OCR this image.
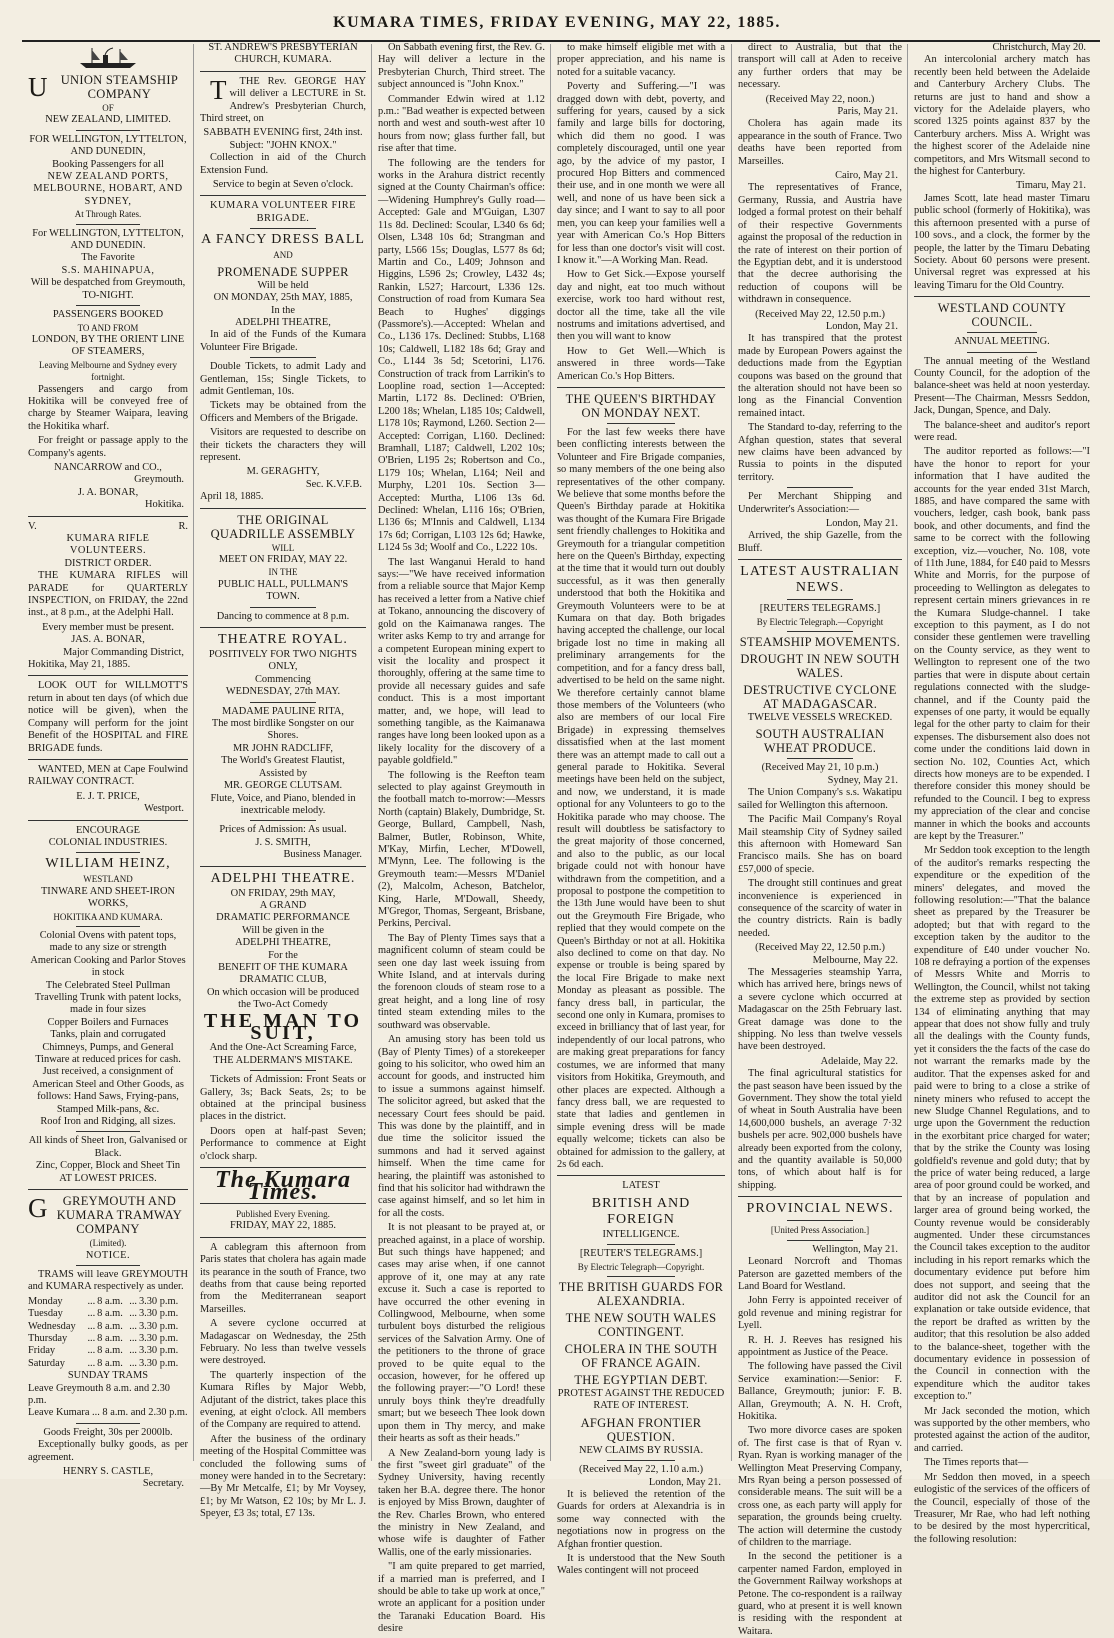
KUMARA TIMES, FRIDAY EVENING, MAY 22, 1885.
U UNION STEAMSHIP COMPANY
OF
NEW ZEALAND, LIMITED.
FOR WELLINGTON, LYTTELTON, AND DUNEDIN,
Booking Passengers for all
NEW ZEALAND PORTS, MELBOURNE, HOBART, AND SYDNEY,
At Through Rates.
For WELLINGTON, LYTTELTON, AND DUNEDIN.
The Favorite
S.S. MAHINAPUA,
Will be despatched from Greymouth,
TO-NIGHT.
PASSENGERS BOOKED
TO AND FROM
LONDON, BY THE ORIENT LINE OF STEAMERS,
Leaving Melbourne and Sydney every fortnight.

Passengers and cargo from Hokitika will be conveyed free of charge by Steamer Waipara, leaving the Hokitika wharf.

For freight or passage apply to the Company's agents.

NANCARROW and CO.,
Greymouth.
J. A. BONAR,
Hokitika.
V.	R.
KUMARA RIFLE VOLUNTEERS.
DISTRICT ORDER.

THE KUMARA RIFLES will PARADE for QUARTERLY INSPECTION, on FRIDAY, the 22nd inst., at 8 p.m., at the Adelphi Hall.

Every member must be present.
JAS. A. BONAR,
Major Commanding District,
Hokitika, May 21, 1885.

LOOK OUT for WILLMOTT'S return in about ten days (of which due notice will be given), when the Company will perform for the joint Benefit of the HOSPITAL and FIRE BRIGADE funds.

WANTED, MEN at Cape Foulwind RAILWAY CONTRACT.

E. J. T. PRICE,
Westport.
ENCOURAGE
COLONIAL INDUSTRIES.
WILLIAM HEINZ,
WESTLAND
TINWARE AND SHEET-IRON WORKS,
HOKITIKA AND KUMARA.
Colonial Ovens with patent tops, made to any size or strength
American Cooking and Parlor Stoves in stock
The Celebrated Steel Pullman Travelling Trunk with patent locks, made in four sizes
Copper Boilers and Furnaces
Tanks, plain and corrugated
Chimneys, Pumps, and General Tinware at reduced prices for cash.
Just received, a consignment of American Steel and Other Goods, as follows: Hand Saws, Frying-pans, Stamped Milk-pans, &c.
Roof Iron and Ridging, all sizes.
All kinds of Sheet Iron, Galvanised or Black.
Zinc, Copper, Block and Sheet Tin
AT LOWEST PRICES.
G GREYMOUTH AND KUMARA TRAMWAY COMPANY
(Limited).
NOTICE.

TRAMS will leave GREYMOUTH and KUMARA respectively as under.

Monday	...	8 a.m.	...	3.30 p.m.
Tuesday	...	8 a.m.	...	3.30 p.m.
Wednesday	...	8 a.m.	...	3.30 p.m.
Thursday	...	8 a.m.	...	3.30 p.m.
Friday	...	8 a.m.	...	3.30 p.m.
Saturday	...	8 a.m.	...	3.30 p.m.
SUNDAY TRAMS
Leave Greymouth 8 a.m. and 2.30 p.m.
Leave Kumara ... 8 a.m. and 2.30 p.m.
Goods Freight, 30s per 2000lb.

Exceptionally bulky goods, as per agreement.

HENRY S. CASTLE,
Secretary.
ST. ANDREW'S PRESBYTERIAN CHURCH, KUMARA.

T THE Rev. GEORGE HAY will deliver a LECTURE in St. Andrew's Presbyterian Church, Third street, on

SABBATH EVENING first, 24th inst. Subject: "JOHN KNOX."

Collection in aid of the Church Extension Fund.

Service to begin at Seven o'clock.
KUMARA VOLUNTEER FIRE BRIGADE.
A FANCY DRESS BALL
AND
PROMENADE SUPPER
Will be held
ON MONDAY, 25th MAY, 1885,
In the
ADELPHI THEATRE,

In aid of the Funds of the Kumara Volunteer Fire Brigade.

Double Tickets, to admit Lady and Gentleman, 15s; Single Tickets, to admit Gentleman, 10s.

Tickets may be obtained from the Officers and Members of the Brigade.

Visitors are requested to describe on their tickets the characters they will represent.

M. GERAGHTY,
Sec. K.V.F.B.
April 18, 1885.
THE ORIGINAL QUADRILLE ASSEMBLY
WILL
MEET ON FRIDAY, MAY 22.
IN THE
PUBLIC HALL, PULLMAN'S TOWN.
Dancing to commence at 8 p.m.
THEATRE ROYAL.
POSITIVELY FOR TWO NIGHTS ONLY,
Commencing
WEDNESDAY, 27th MAY.
MADAME PAULINE RITA,
The most birdlike Songster on our Shores.
MR JOHN RADCLIFF,
The World's Greatest Flautist,
Assisted by
MR. GEORGE CLUTSAM.
Flute, Voice, and Piano, blended in inextricable melody.
Prices of Admission: As usual.
J. S. SMITH,
Business Manager.
ADELPHI THEATRE.
ON FRIDAY, 29th MAY,
A GRAND
DRAMATIC PERFORMANCE
Will be given in the
ADELPHI THEATRE,
For the
BENEFIT OF THE KUMARA DRAMATIC CLUB,
On which occasion will be produced the Two-Act Comedy
THE MAN TO SUIT,
And the One-Act Screaming Farce,
THE ALDERMAN'S MISTAKE.

Tickets of Admission: Front Seats or Gallery, 3s; Back Seats, 2s; to be obtained at the principal business places in the district.

Doors open at half-past Seven; Performance to commence at Eight o'clock sharp.

The Kumara Times.
Published Every Evening.
FRIDAY, MAY 22, 1885.

A cablegram this afternoon from Paris states that cholera has again made its pearance in the south of France, two deaths from that cause being reported from the Mediterranean seaport Marseilles.

A severe cyclone occurred at Madagascar on Wednesday, the 25th February. No less than twelve vessels were destroyed.

The quarterly inspection of the Kumara Rifles by Major Webb, Adjutant of the district, takes place this evening, at eight o'clock. All members of the Company are required to attend.

After the business of the ordinary meeting of the Hospital Committee was concluded the following sums of money were handed in to the Secretary:—By Mr Metcalfe, £1; by Mr Voysey, £1; by Mr Watson, £2 10s; by Mr L. J. Speyer, £3 3s; total, £7 13s.

On Sabbath evening first, the Rev. G. Hay will deliver a lecture in the Presbyterian Church, Third street. The subject announced is "John Knox."

Commander Edwin wired at 1.12 p.m.: "Bad weather is expected between north and west and south-west after 10 hours from now; glass further fall, but rise after that time.

The following are the tenders for works in the Arahura district recently signed at the County Chairman's office:—Widening Humphrey's Gully road—Accepted: Gale and M'Guigan, L307 11s 8d. Declined: Scoular, L340 6s 6d; Olsen, L348 10s 6d; Strangman and party, L566 15s; Douglas, L577 8s 6d; Martin and Co., L409; Johnson and Higgins, L596 2s; Crowley, L432 4s; Rankin, L527; Harcourt, L336 12s. Construction of road from Kumara Sea Beach to Hughes' diggings (Passmore's).—Accepted: Whelan and Co., L136 17s. Declined: Stubbs, L168 10s; Caldwell, L182 18s 6d; Gray and Co., L144 3s 5d; Scetorini, L176. Construction of track from Larrikin's to Loopline road, section 1—Accepted: Martin, L172 8s. Declined: O'Brien, L200 18s; Whelan, L185 10s; Caldwell, L178 10s; Raymond, L260. Section 2—Accepted: Corrigan, L160. Declined: Bramhall, L187; Caldwell, L202 10s; O'Brien, L195 2s; Robertson and Co., L179 10s; Whelan, L164; Neil and Murphy, L201 10s. Section 3—Accepted: Murtha, L106 13s 6d. Declined: Whelan, L116 16s; O'Brien, L136 6s; M'Innis and Caldwell, L134 17s 6d; Corrigan, L103 12s 6d; Hawke, L124 5s 3d; Woolf and Co., L222 10s.

The last Wanganui Herald to hand says:—"We have received information from a reliable source that Major Kemp has received a letter from a Native chief at Tokano, announcing the discovery of gold on the Kaimanawa ranges. The writer asks Kemp to try and arrange for a competent European mining expert to visit the locality and prospect it thoroughly, offering at the same time to provide all necessary guides and safe conduct. This is a most important matter, and, we hope, will lead to something tangible, as the Kaimanawa ranges have long been looked upon as a likely locality for the discovery of a payable goldfield."

The following is the Reefton team selected to play against Greymouth in the football match to-morrow:—Messrs North (captain) Blakely, Dumbridge, St. George, Bullard, Campbell, Nash, Balmer, Butler, Robinson, White, M'Kay, Mirfin, Lecher, M'Dowell, M'Mynn, Lee. The following is the Greymouth team:—Messrs M'Daniel (2), Malcolm, Acheson, Batchelor, King, Harle, M'Dowall, Sheedy, M'Gregor, Thomas, Sergeant, Brisbane, Perkins, Percival.

The Bay of Plenty Times says that a magnificent column of steam could be seen one day last week issuing from White Island, and at intervals during the forenoon clouds of steam rose to a great height, and a long line of rosy tinted steam extending miles to the southward was observable.

An amusing story has been told us (Bay of Plenty Times) of a storekeeper going to his solicitor, who owed him an account for goods, and instructed him to issue a summons against himself. The solicitor agreed, but asked that the necessary Court fees should be paid. This was done by the plaintiff, and in due time the solicitor issued the summons and had it served against himself. When the time came for hearing, the plaintiff was astonished to find that his solicitor had withdrawn the case against himself, and so let him in for all the costs.

It is not pleasant to be prayed at, or preached against, in a place of worship. But such things have happened; and cases may arise when, if one cannot approve of it, one may at any rate excuse it. Such a case is reported to have occurred the other evening in Collingwood, Melbourne, when some turbulent boys disturbed the religious services of the Salvation Army. One of the petitioners to the throne of grace proved to be quite equal to the occasion, however, for he offered up the following prayer:—"O Lord! these unruly boys think they're dreadfully smart; but we beseech Thee look down upon them in Thy mercy, and make their hearts as soft as their heads."

A New Zealand-born young lady is the first "sweet girl graduate" of the Sydney University, having recently taken her B.A. degree there. The honor is enjoyed by Miss Brown, daughter of the Rev. Charles Brown, who entered the ministry in New Zealand, and whose wife is daughter of Father Wallis, one of the early missionaries.

"I am quite prepared to get married, if a married man is preferred, and I should be able to take up work at once," wrote an applicant for a position under the Taranaki Education Board. His desire

to make himself eligible met with a proper appreciation, and his name is noted for a suitable vacancy.

Poverty and Suffering.—"I was dragged down with debt, poverty, and suffering for years, caused by a sick family and large bills for doctoring, which did them no good. I was completely discouraged, until one year ago, by the advice of my pastor, I procured Hop Bitters and commenced their use, and in one month we were all well, and none of us have been sick a day since; and I want to say to all poor men, you can keep your families well a year with American Co.'s Hop Bitters for less than one doctor's visit will cost. I know it."—A Working Man. Read.

How to Get Sick.—Expose yourself day and night, eat too much without exercise, work too hard without rest, doctor all the time, take all the vile nostrums and imitations advertised, and then you will want to know

How to Get Well.—Which is answered in three words—Take American Co.'s Hop Bitters.

THE QUEEN'S BIRTHDAY ON MONDAY NEXT.

For the last few weeks there have been conflicting interests between the Volunteer and Fire Brigade companies, so many members of the one being also representatives of the other company. We believe that some months before the Queen's Birthday parade at Hokitika was thought of the Kumara Fire Brigade sent friendly challenges to Hokitika and Greymouth for a triangular competition here on the Queen's Birthday, expecting at the time that it would turn out doubly successful, as it was then generally understood that both the Hokitika and Greymouth Volunteers were to be at Kumara on that day. Both brigades having accepted the challenge, our local brigade lost no time in making all preliminary arrangements for the competition, and for a fancy dress ball, advertised to be held on the same night. We therefore certainly cannot blame those members of the Volunteers (who also are members of our local Fire Brigade) in expressing themselves dissatisfied when at the last moment there was an attempt made to call out a general parade to Hokitika. Several meetings have been held on the subject, and now, we understand, it is made optional for any Volunteers to go to the Hokitika parade who may choose. The result will doubtless be satisfactory to the great majority of those concerned, and also to the public, as our local brigade could not with honour have withdrawn from the competition, and a proposal to postpone the competition to the 13th June would have been to shut out the Greymouth Fire Brigade, who replied that they would compete on the Queen's Birthday or not at all. Hokitika also declined to come on that day. No expense or trouble is being spared by the local Fire Brigade to make next Monday as pleasant as possible. The fancy dress ball, in particular, the second one only in Kumara, promises to exceed in brilliancy that of last year, for independently of our local patrons, who are making great preparations for fancy costumes, we are informed that many visitors from Hokitika, Greymouth, and other places are expected. Although a fancy dress ball, we are requested to state that ladies and gentlemen in simple evening dress will be made equally welcome; tickets can also be obtained for admission to the gallery, at 2s 6d each.

LATEST
BRITISH AND FOREIGN
INTELLIGENCE.
[REUTER'S TELEGRAMS.]
By Electric Telegraph—Copyright.
THE BRITISH GUARDS FOR ALEXANDRIA.
THE NEW SOUTH WALES CONTINGENT.
CHOLERA IN THE SOUTH OF FRANCE AGAIN.
THE EGYPTIAN DEBT.
PROTEST AGAINST THE REDUCED RATE OF INTEREST.
AFGHAN FRONTIER QUESTION.
NEW CLAIMS BY RUSSIA.
(Received May 22, 1.10 a.m.)
London, May 21.

It is believed the retention of the Guards for orders at Alexandria is in some way connected with the negotiations now in progress on the Afghan frontier question.

It is understood that the New South Wales contingent will not proceed

direct to Australia, but that the transport will call at Aden to receive any further orders that may be necessary.

(Received May 22, noon.)
Paris, May 21.

Cholera has again made its appearance in the south of France. Two deaths have been reported from Marseilles.

Cairo, May 21.

The representatives of France, Germany, Russia, and Austria have lodged a formal protest on their behalf of their respective Governments against the proposal of the reduction in the rate of interest on their portion of the Egyptian debt, and it is understood that the decree authorising the reduction of coupons will be withdrawn in consequence.

(Received May 22, 12.50 p.m.)
London, May 21.

It has transpired that the protest made by European Powers against the deductions made from the Egyptian coupons was based on the ground that the alteration should not have been so long as the Financial Convention remained intact.

The Standard to-day, referring to the Afghan question, states that several new claims have been advanced by Russia to points in the disputed territory.

Per Merchant Shipping and Underwriter's Association:—

London, May 21.

Arrived, the ship Gazelle, from the Bluff.

LATEST AUSTRALIAN NEWS.
[REUTERS TELEGRAMS.]
By Electric Telegraph.—Copyright
STEAMSHIP MOVEMENTS.
DROUGHT IN NEW SOUTH WALES.
DESTRUCTIVE CYCLONE AT MADAGASCAR.
TWELVE VESSELS WRECKED.
SOUTH AUSTRALIAN WHEAT PRODUCE.
(Received May 21, 10 p.m.)
Sydney, May 21.

The Union Company's s.s. Wakatipu sailed for Wellington this afternoon.

The Pacific Mail Company's Royal Mail steamship City of Sydney sailed this afternoon with Homeward San Francisco mails. She has on board £57,000 of specie.

The drought still continues and great inconvenience is experienced in consequence of the scarcity of water in the country districts. Rain is badly needed.

(Received May 22, 12.50 p.m.)
Melbourne, May 22.

The Messageries steamship Yarra, which has arrived here, brings news of a severe cyclone which occurred at Madagascar on the 25th February last. Great damage was done to the shipping. No less than twelve vessels have been destroyed.

Adelaide, May 22.

The final agricultural statistics for the past season have been issued by the Government. They show the total yield of wheat in South Australia have been 14,600,000 bushels, an average 7·32 bushels per acre. 902,000 bushels have already been exported from the colony, and the quantity available is 50,000 tons, of which about half is for shipping.

PROVINCIAL NEWS.
[United Press Association.]
Wellington, May 21.

Leonard Norcroft and Thomas Paterson are gazetted members of the Land Board for Westland.

John Ferry is appointed receiver of gold revenue and mining registrar for Lyell.

R. H. J. Reeves has resigned his appointment as Justice of the Peace.

The following have passed the Civil Service examination:—Senior: F. Ballance, Greymouth; junior: F. B. Allan, Greymouth; A. N. H. Croft, Hokitika.

Two more divorce cases are spoken of. The first case is that of Ryan v. Ryan. Ryan is working manager of the Wellington Meat Preserving Company, Mrs Ryan being a person possessed of considerable means. The suit will be a cross one, as each party will apply for separation, the grounds being cruelty. The action will determine the custody of children to the marriage.

In the second the petitioner is a carpenter named Fardon, employed in the Government Railway workshops at Petone. The co-respondent is a railway guard, who at present it is well known is residing with the respondent at Waitara.

Christchurch, May 20.

An intercolonial archery match has recently been held between the Adelaide and Canterbury Archery Clubs. The returns are just to hand and show a victory for the Adelaide players, who scored 1325 points against 837 by the Canterbury archers. Miss A. Wright was the highest scorer of the Adelaide nine competitors, and Mrs Witsmall second to the highest for Canterbury.

Timaru, May 21.

James Scott, late head master Timaru public school (formerly of Hokitika), was this afternoon presented with a purse of 100 sovs., and a clock, the former by the people, the latter by the Timaru Debating Society. About 60 persons were present. Universal regret was expressed at his leaving Timaru for the Old Country.

WESTLAND COUNTY COUNCIL.
ANNUAL MEETING.

The annual meeting of the Westland County Council, for the adoption of the balance-sheet was held at noon yesterday. Present—The Chairman, Messrs Seddon, Jack, Dungan, Spence, and Daly.

The balance-sheet and auditor's report were read.

The auditor reported as follows:—"I have the honor to report for your information that I have audited the accounts for the year ended 31st March, 1885, and have compared the same with vouchers, ledger, cash book, bank pass book, and other documents, and find the same to be correct with the following exception, viz.—voucher, No. 108, vote of 11th June, 1884, for £40 paid to Messrs White and Morris, for the purpose of proceeding to Wellington as delegates to represent certain miners grievances in re the Kumara Sludge-channel. I take exception to this payment, as I do not consider these gentlemen were travelling on the County service, as they went to Wellington to represent one of the two parties that were in dispute about certain regulations connected with the sludge-channel, and if the County paid the expenses of one party, it would be equally legal for the other party to claim for their expenses. The disbursement also does not come under the conditions laid down in section No. 102, Counties Act, which directs how moneys are to be expended. I therefore consider this money should be refunded to the Council. I beg to express my appreciation of the clear and concise manner in which the books and accounts are kept by the Treasurer."

Mr Seddon took exception to the length of the auditor's remarks respecting the expenditure or the expedition of the miners' delegates, and moved the following resolution:—"That the balance sheet as prepared by the Treasurer be adopted; but that with regard to the exception taken by the auditor to the expenditure of £40 under voucher No. 108 re defraying a portion of the expenses of Messrs White and Morris to Wellington, the Council, whilst not taking the extreme step as provided by section 134 of eliminating anything that may appear that does not show fully and truly all the dealings with the County funds, yet it considers the the facts of the case do not warrant the remarks made by the auditor. That the expenses asked for and paid were to bring to a close a strike of ninety miners who refused to accept the new Sludge Channel Regulations, and to urge upon the Government the reduction in the exorbitant price charged for water; that by the strike the County was losing goldfield's revenue and gold duty; that by the price of water being reduced, a large area of poor ground could be worked, and that by an increase of population and larger area of ground being worked, the County revenue would be considerably augmented. Under these circumstances the Council takes exception to the auditor including in his report remarks which the documentary evidence put before him does not support, and seeing that the auditor did not ask the Council for an explanation or take outside evidence, that the report be drafted as written by the auditor; that this resolution be also added to the balance-sheet, together with the documentary evidence in possession of the Council in connection with the expenditure which the auditor takes exception to."

Mr Jack seconded the motion, which was supported by the other members, who protested against the action of the auditor, and carried.

The Times reports that—

Mr Seddon then moved, in a speech eulogistic of the services of the officers of the Council, especially of those of the Treasurer, Mr Rae, who had left nothing to be desired by the most hypercritical, the following resolution:
